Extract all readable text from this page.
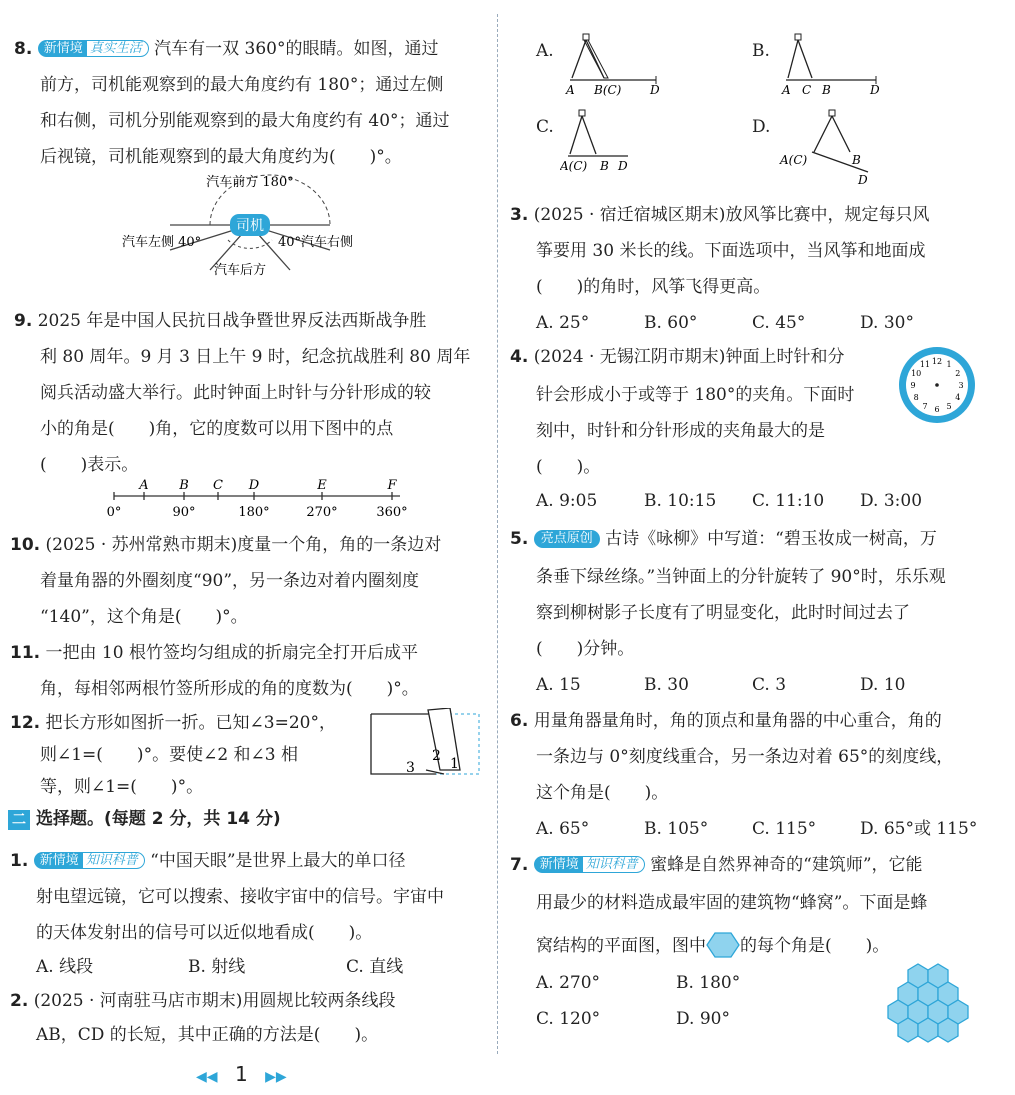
8. 新情境 真实生活 汽车有一双 360°的眼睛。如图，通过
前方，司机能观察到的最大角度约有 180°；通过左侧
和右侧，司机分别能观察到的最大角度约有 40°；通过
后视镜，司机能观察到的最大角度约为(　　)°。
司机
汽车前方 180°
汽车左侧 40°	40°汽车右侧
汽车后方
9. 2025 年是中国人民抗日战争暨世界反法西斯战争胜
利 80 周年。9 月 3 日上午 9 时，纪念抗战胜利 80 周年
阅兵活动盛大举行。此时钟面上时针与分针形成的较
小的角是(　　)角，它的度数可以用下图中的点
(　　)表示。
A B C D	E	F
0°	90°	180°	270°	360°
10. (2025 · 苏州常熟市期末)度量一个角，角的一条边对
着量角器的外圈刻度“90”，另一条边对着内圈刻度
“140”，这个角是(　　)°。
11. 一把由 10 根竹签均匀组成的折扇完全打开后成平
角，每相邻两根竹签所形成的角的度数为(　　)°。
12. 把长方形如图折一折。已知∠3=20°，
则∠1=(　　)°。要使∠2 和∠3 相
等，则∠1=(　　)°。
3
2 1
二 选择题。(每题 2 分，共 14 分)
1. 新情境 知识科普 “中国天眼”是世界上最大的单口径
射电望远镜，它可以搜索、接收宇宙中的信号。宇宙中
的天体发射出的信号可以近似地看成(　　)。
A. 线段	B. 射线	C. 直线
2. (2025 · 河南驻马店市期末)用圆规比较两条线段
AB，CD 的长短，其中正确的方法是(　　)。
◀◀ 1 ▶▶
A.
A B(C) D
B.
A C B	D
C.
A(C) B D
D.
A(C)	B
D
3. (2025 · 宿迁宿城区期末)放风筝比赛中，规定每只风
筝要用 30 米长的线。下面选项中，当风筝和地面成
(　　)的角时，风筝飞得更高。
A. 25°	B. 60°	C. 45°	D. 30°
4. (2024 · 无锡江阴市期末)钟面上时针和分
针会形成小于或等于 180°的夹角。下面时
刻中，时针和分针形成的夹角最大的是
(　　)。
12 1
2
3
4
5
6
7
8
9
10
11
A. 9:05	B. 10:15 C. 11:10 D. 3:00
5. 亮点原创 古诗《咏柳》中写道：“碧玉妆成一树高，万
条垂下绿丝绦。”当钟面上的分针旋转了 90°时，乐乐观
察到柳树影子长度有了明显变化，此时时间过去了
(　　)分钟。
A. 15	B. 30	C. 3	D. 10
6. 用量角器量角时，角的顶点和量角器的中心重合，角的
一条边与 0°刻度线重合，另一条边对着 65°的刻度线，
这个角是(　　)。
A. 65°	B. 105°	C. 115°	D. 65°或 115°
7. 新情境 知识科普 蜜蜂是自然界神奇的“建筑师”，它能
用最少的材料造成最牢固的建筑物“蜂窝”。下面是蜂
窝结构的平面图，图中 的每个角是(　　)。
A. 270°	B. 180°
C. 120°	D. 90°
